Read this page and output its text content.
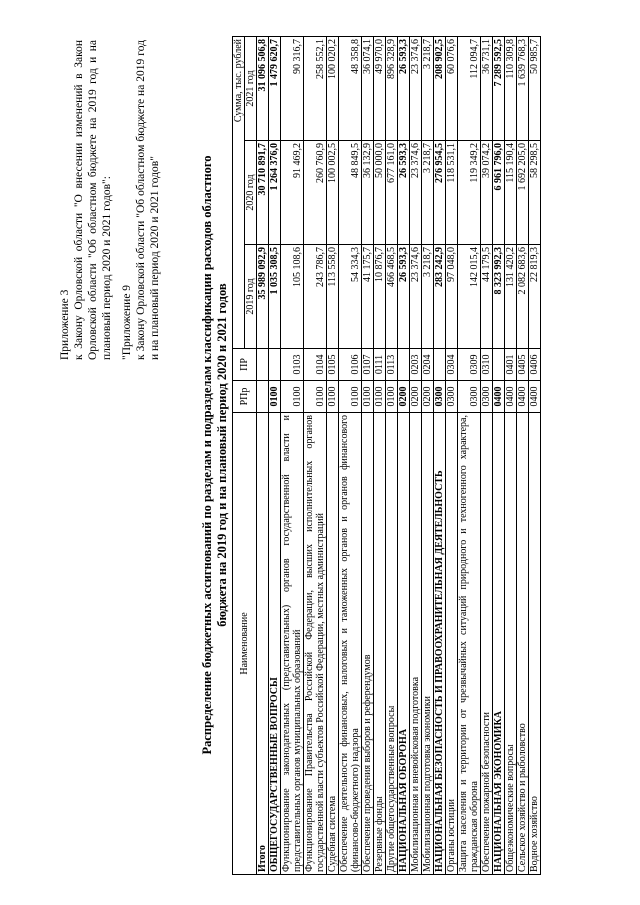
Приложение 3 к Закону Орловской области "О внесении изменений в Закон Орловской области "Об областном бюджете на 2019 год и на плановый период 2020 и 2021 годов": "Приложение 9 к Закону Орловской области "Об областном бюджете на 2019 год и на плановый период 2020 и 2021 годов"	Распределение бюджетных ассигнований по разделам и подразделам классификации расходов областного бюджета на 2019 год и на плановый период 2020 и 2021 годов
Наименование	РПр	ПР	Сумма, тыс. рублей		
			2019 год	2020 год	2021 год
Итого			35 989 092,9	30 710 891,7	31 096 506,8
ОБЩЕГОСУДАРСТВЕННЫЕ ВОПРОСЫ	0100		1 035 308,5	1 264 376,0	1 479 620,7
Функционирование законодательных (представительных) органов государственной власти и представительных органов муниципальных образований	0100	0103	105 108,6	91 469,2	90 316,7
Функционирование Правительства Российской Федерации, высших исполнительных органов государственной власти субъектов Российской Федерации, местных администраций	0100	0104	243 786,7	260 760,9	258 552,1
Судебная система	0100	0105	113 558,0	100 002,5	100 020,2
Обеспечение деятельности финансовых, налоговых и таможенных органов и органов финансового (финансово-бюджетного) надзора	0100	0106	54 334,3	48 849,5	48 358,8
Обеспечение проведения выборов и референдумов	0100	0107	41 175,7	36 132,9	36 074,1
Резервные фонды	0100	0111	10 876,7	50 000,0	49 970,0
Другие общегосударственные вопросы	0100	0113	466 468,5	677 161,0	896 328,9
НАЦИОНАЛЬНАЯ ОБОРОНА	0200		26 593,3	26 593,3	26 593,3
Мобилизационная и вневойсковая подготовка	0200	0203	23 374,6	23 374,6	23 374,6
Мобилизационная подготовка экономики	0200	0204	3 218,7	3 218,7	3 218,7
НАЦИОНАЛЬНАЯ БЕЗОПАСНОСТЬ И ПРАВООХРАНИТЕЛЬНАЯ ДЕЯТЕЛЬНОСТЬ	0300		283 242,9	276 954,5	208 902,5
Органы юстиции	0300	0304	97 048,0	118 531,1	60 076,6
Защита населения и территории от чрезвычайных ситуаций природного и техногенного характера, гражданская оборона	0300	0309	142 015,4	119 349,2	112 094,7
Обеспечение пожарной безопасности	0300	0310	44 179,5	39 074,2	36 731,1
НАЦИОНАЛЬНАЯ ЭКОНОМИКА	0400		8 323 992,3	6 961 796,0	7 289 592,5
Общеэкономические вопросы	0400	0401	131 420,2	115 190,4	110 309,8
Сельское хозяйство и рыболовство	0400	0405	2 082 683,6	1 692 205,0	1 639 768,3
Водное хозяйство	0400	0406	22 819,3	58 298,5	50 985,7
